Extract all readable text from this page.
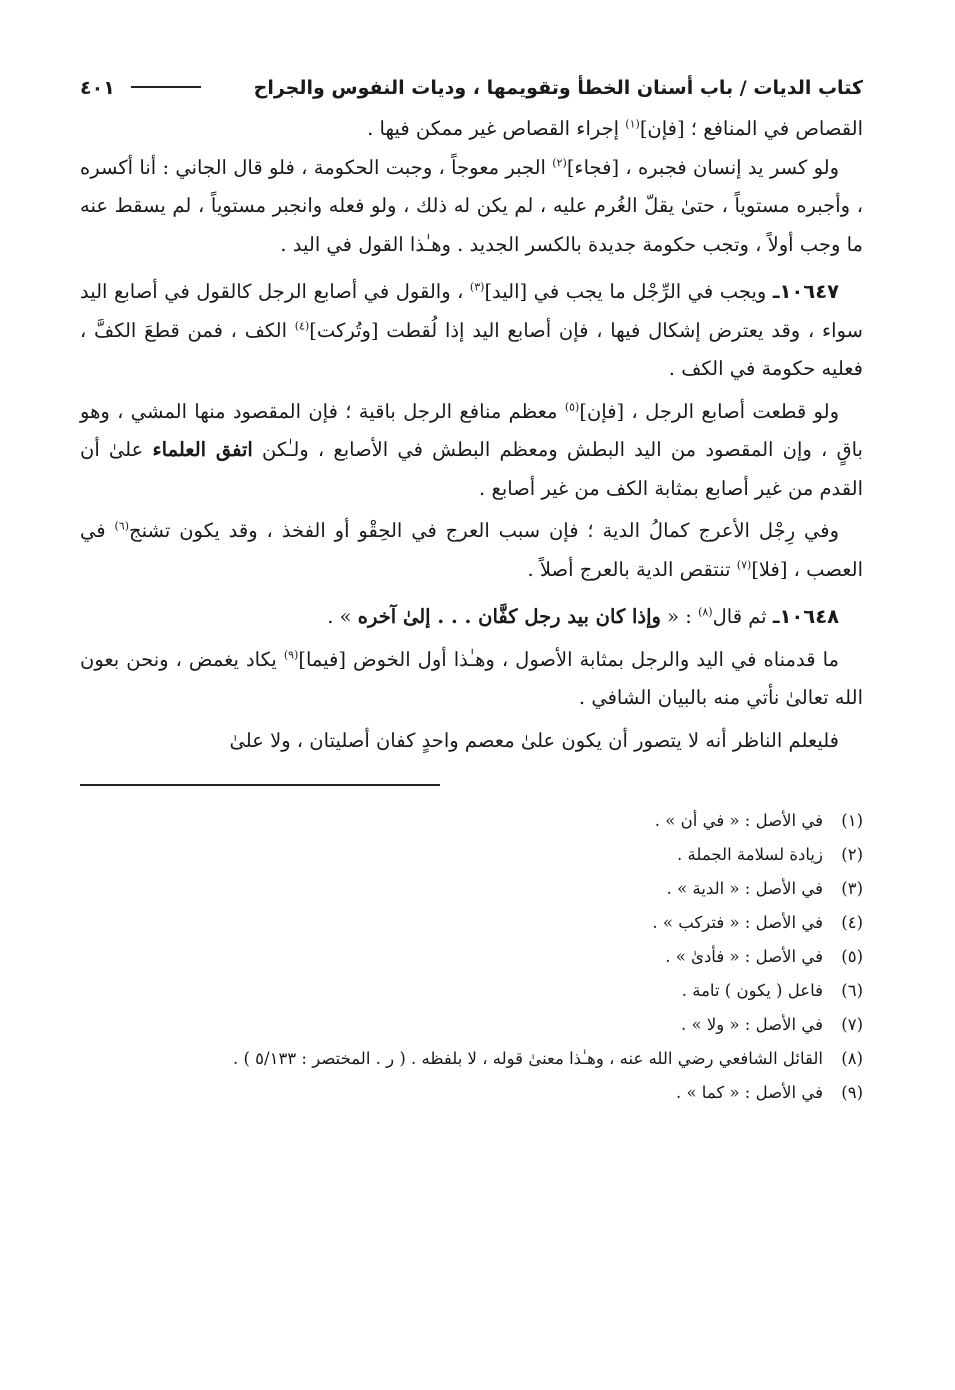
كتاب الديات / باب أسنان الخطأ وتقويمها ، وديات النفوس والجراح
٤٠١

القصاص في المنافع ؛ [فإن]$^{(١)}$ إجراء القصاص غير ممكن فيها .

ولو كسر يد إنسان فجبره ، [فجاء]$^{(٢)}$ الجبر معوجاً ، وجبت الحكومة ، فلو قال الجاني : أنا أكسره ، وأجبره مستوياً ، حتىٰ يقلّ الغُرم عليه ، لم يكن له ذلك ، ولو فعله وانجبر مستوياً ، لم يسقط عنه ما وجب أولاً ، وتجب حكومة جديدة بالكسر الجديد . وهـٰذا القول في اليد .

١٠٦٤٧ـ ويجب في الرِّجْل ما يجب في [اليد]$^{(٣)}$ ، والقول في أصابع الرجل كالقول في أصابع اليد سواء ، وقد يعترض إشكال فيها ، فإن أصابع اليد إذا لُقطت [وتُركت]$^{(٤)}$ الكف ، فمن قطعَ الكفَّ ، فعليه حكومة في الكف .

ولو قطعت أصابع الرجل ، [فإن]$^{(٥)}$ معظم منافع الرجل باقية ؛ فإن المقصود منها المشي ، وهو باقٍ ، وإن المقصود من اليد البطش ومعظم البطش في الأصابع ، ولـٰكن اتفق العلماء علىٰ أن القدم من غير أصابع بمثابة الكف من غير أصابع .

وفي رِجْل الأعرج كمالُ الدية ؛ فإن سبب العرج في الحِقْو أو الفخذ ، وقد يكون تشنج$^{(٦)}$ في العصب ، [فلا]$^{(٧)}$ تنتقص الدية بالعرج أصلاً .

١٠٦٤٨ـ ثم قال$^{(٨)}$ : « وإذا كان بيد رجل كفَّان . . . إلىٰ آخره » .

ما قدمناه في اليد والرجل بمثابة الأصول ، وهـٰذا أول الخوض [فيما]$^{(٩)}$ يكاد يغمض ، ونحن بعون الله تعالىٰ نأتي منه بالبيان الشافي .

فليعلم الناظر أنه لا يتصور أن يكون علىٰ معصم واحدٍ كفان أصليتان ، ولا علىٰ

(١)
في الأصل : « في أن » .
(٢)
زيادة لسلامة الجملة .
(٣)
في الأصل : « الدية » .
(٤)
في الأصل : « فتركب » .
(٥)
في الأصل : « فأدىٰ » .
(٦)
فاعل ( يكون ) تامة .
(٧)
في الأصل : « ولا » .
(٨)
القائل الشافعي رضي الله عنه ، وهـٰذا معنىٰ قوله ، لا بلفظه . ( ر . المختصر : ٥/١٣٣ ) .
(٩)
في الأصل : « كما » .
